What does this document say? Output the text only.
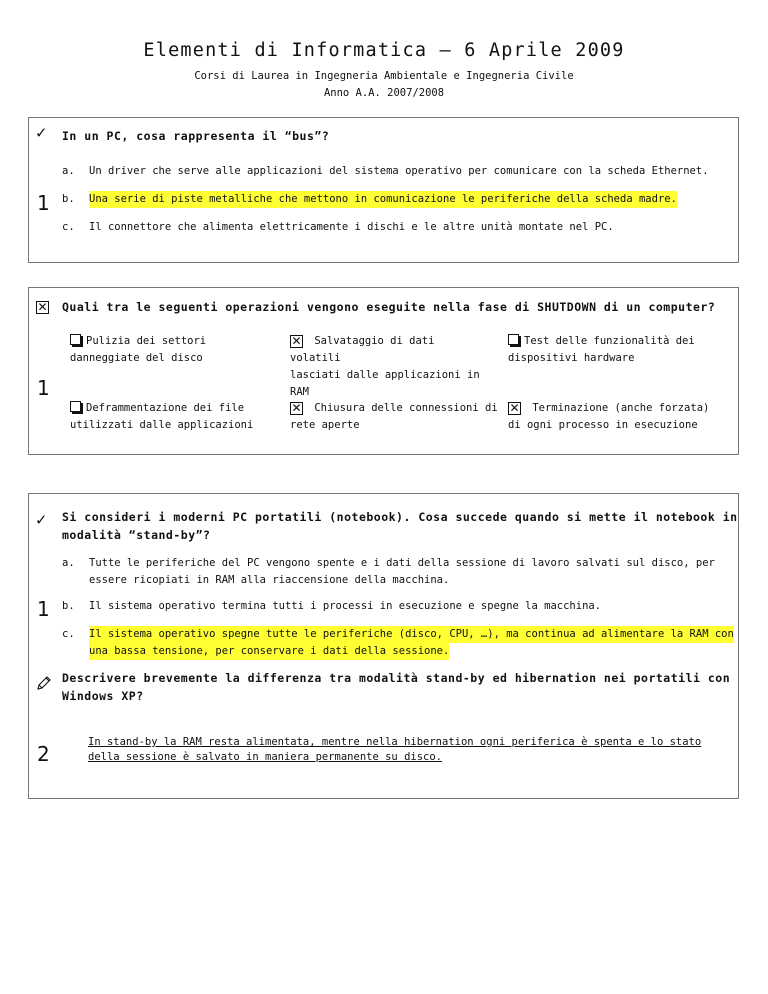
Elementi di Informatica – 6 Aprile 2009
Corsi di Laurea in Ingegneria Ambientale e Ingegneria Civile
Anno A.A. 2007/2008
✓ In un PC, cosa rappresenta il “bus”?
1
a. Un driver che serve alle applicazioni del sistema operativo per comunicare con la scheda Ethernet.
b. Una serie di piste metalliche che mettono in comunicazione le periferiche della scheda madre.
c. Il connettore che alimenta elettricamente i dischi e le altre unità montate nel PC.
✕ Quali tra le seguenti operazioni vengono eseguite nella fase di SHUTDOWN di un computer?
1
Pulizia dei settori
danneggiate del disco
✕ Salvataggio di dati volatili
lasciati dalle applicazioni in
RAM
Test delle funzionalità dei
dispositivi hardware
Deframmentazione dei file
utilizzati dalle applicazioni
✕ Chiusura delle connessioni di
rete aperte
✕ Terminazione (anche forzata)
di ogni processo in esecuzione
✓ Si consideri i moderni PC portatili (notebook). Cosa succede quando si mette il notebook in
modalità “stand-by”?
1
a. Tutte le periferiche del PC vengono spente e i dati della sessione di lavoro salvati sul disco, per
essere ricopiati in RAM alla riaccensione della macchina.
b. Il sistema operativo termina tutti i processi in esecuzione e spegne la macchina.
c. Il sistema operativo spegne tutte le periferiche (disco, CPU, …), ma continua ad alimentare la RAM con
una bassa tensione, per conservare i dati della sessione.
Descrivere brevemente la differenza tra modalità stand-by ed hibernation nei portatili con
Windows XP?
2	In stand-by la RAM resta alimentata, mentre nella hibernation ogni periferica è spenta e lo stato della sessione è salvato in maniera permanente su disco.
